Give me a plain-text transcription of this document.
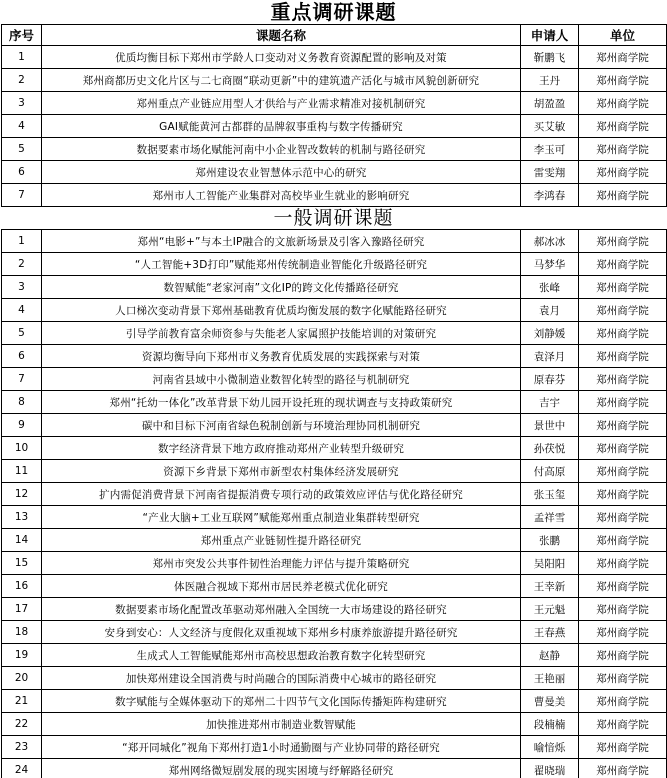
重点调研课题
序号	课题名称	申请人	单位
1	优质均衡目标下郑州市学龄人口变动对义务教育资源配置的影响及对策	靳鹏飞	郑州商学院
2	郑州商都历史文化片区与二七商圈“联动更新”中的建筑遗产活化与城市风貌创新研究	王丹	郑州商学院
3	郑州重点产业链应用型人才供给与产业需求精准对接机制研究	胡盈盈	郑州商学院
4	GAI赋能黄河古都群的品牌叙事重构与数字传播研究	买艾敏	郑州商学院
5	数据要素市场化赋能河南中小企业智改数转的机制与路径研究	李玉可	郑州商学院
6	郑州建设农业智慧体示范中心的研究	雷雯翔	郑州商学院
7	郑州市人工智能产业集群对高校毕业生就业的影响研究	李鸿春	郑州商学院
一般调研课题
1	郑州“电影+”与本土IP融合的文旅新场景及引客入豫路径研究	郝冰冰	郑州商学院
2	“人工智能+3D打印”赋能郑州传统制造业智能化升级路径研究	马梦华	郑州商学院
3	数智赋能“老家河南”文化IP的跨文化传播路径研究	张峰	郑州商学院
4	人口梯次变动背景下郑州基础教育优质均衡发展的数字化赋能路径研究	袁月	郑州商学院
5	引导学前教育富余师资参与失能老人家属照护技能培训的对策研究	刘静媛	郑州商学院
6	资源均衡导向下郑州市义务教育优质发展的实践探索与对策	袁泽月	郑州商学院
7	河南省县域中小微制造业数智化转型的路径与机制研究	原春芬	郑州商学院
8	郑州“托幼一体化”改革背景下幼儿园开设托班的现状调查与支持政策研究	吉宇	郑州商学院
9	碳中和目标下河南省绿色税制创新与环境治理协同机制研究	景世中	郑州商学院
10	数字经济背景下地方政府推动郑州产业转型升级研究	孙茯悦	郑州商学院
11	资源下乡背景下郑州市新型农村集体经济发展研究	付高原	郑州商学院
12	扩内需促消费背景下河南省提振消费专项行动的政策效应评估与优化路径研究	张玉玺	郑州商学院
13	“产业大脑+工业互联网”赋能郑州重点制造业集群转型研究	孟祥雪	郑州商学院
14	郑州重点产业链韧性提升路径研究	张鹏	郑州商学院
15	郑州市突发公共事件韧性治理能力评估与提升策略研究	吴阳阳	郑州商学院
16	体医融合视域下郑州市居民养老模式优化研究	王幸新	郑州商学院
17	数据要素市场化配置改革驱动郑州融入全国统一大市场建设的路径研究	王元魁	郑州商学院
18	安身到安心：人文经济与度假化双重视域下郑州乡村康养旅游提升路径研究	王春燕	郑州商学院
19	生成式人工智能赋能郑州市高校思想政治教育数字化转型研究	赵静	郑州商学院
20	加快郑州建设全国消费与时尚融合的国际消费中心城市的路径研究	王艳丽	郑州商学院
21	数字赋能与全媒体驱动下的郑州二十四节气文化国际传播矩阵构建研究	曹曼美	郑州商学院
22	加快推进郑州市制造业数智赋能	段楠楠	郑州商学院
23	“郑开同城化”视角下郑州打造1小时通勤圈与产业协同带的路径研究	喻愔烁	郑州商学院
24	郑州网络微短剧发展的现实困境与纾解路径研究	翟晓瑞	郑州商学院
